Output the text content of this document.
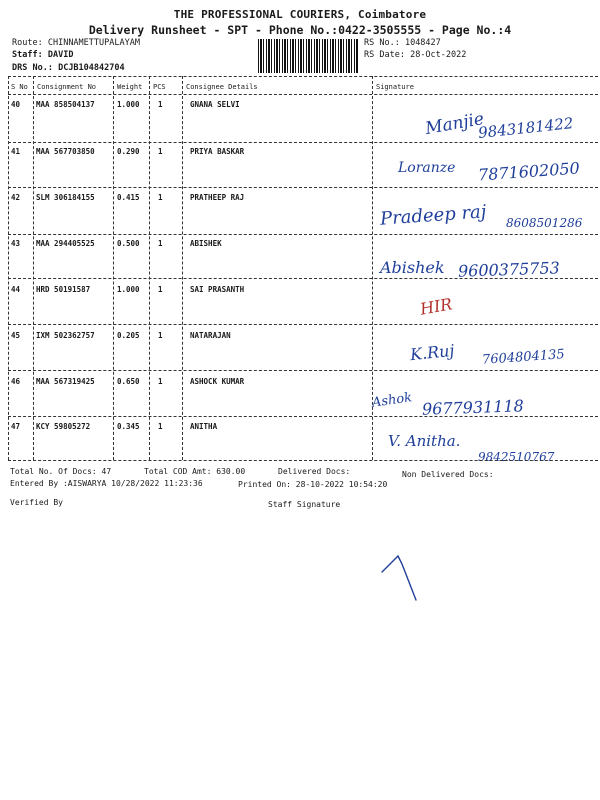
THE PROFESSIONAL COURIERS, Coimbatore
Delivery Runsheet - SPT - Phone No.:0422-3505555 - Page No.:4
Route: CHINNAMETTUPALAYAM
Staff: DAVID
DRS No.: DCJB104842704
RS No.: 1048427
RS Date: 28-Oct-2022
S No Consignment No	Weight PCS	Consignee Details	Signature
40 MAA 858504137	1.000 1	GNANA SELVI
Manjie
9843181422
41 MAA 567703850	0.290 1	PRIYA BASKAR
Loranze 7871602050
42 SLM 306184155	0.415 1	PRATHEEP RAJ
Pradeep raj 8608501286
43 MAA 294405525	0.500 1	ABISHEK
Abishek 9600375753
44 HRD 50191587	1.000 1	SAI PRASANTH
HIR
45 IXM 502362757	0.205 1	NATARAJAN
K.Ruj 7604804135
46 MAA 567319425	0.650 1	ASHOCK KUMAR
Ashok 9677931118
47 KCY 59805272	0.345 1	ANITHA
V. Anitha.
9842510767
Total No. Of Docs: 47	Total COD Amt: 630.00	Delivered Docs:	Non Delivered Docs:
Entered By :AISWARYA 10/28/2022 11:23:36	Printed On: 28-10-2022 10:54:20
Verified By	Staff Signature
